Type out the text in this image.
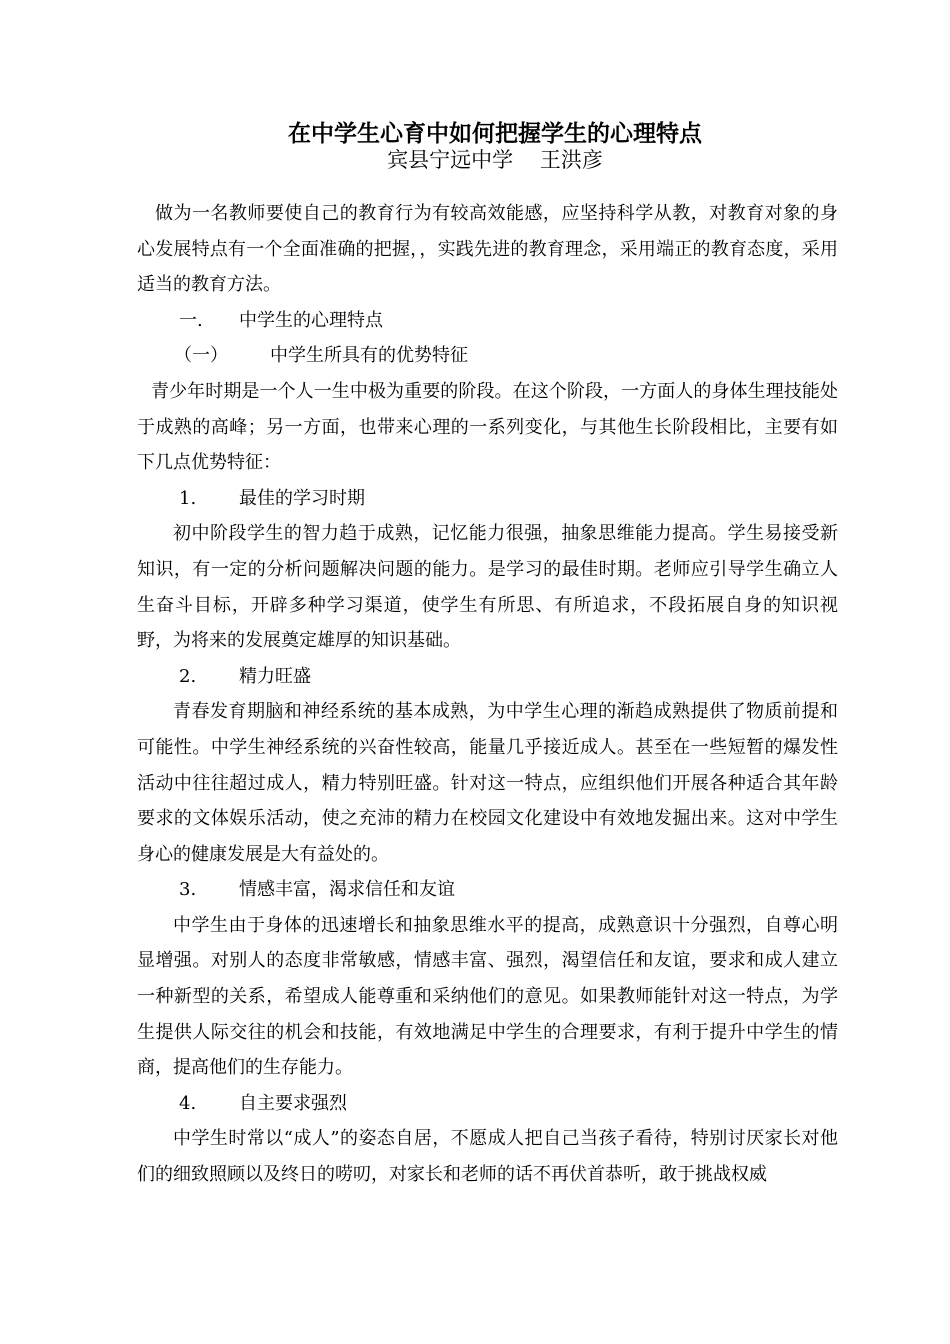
在中学生心育中如何把握学生的心理特点
宾县宁远中学    王洪彦

做为一名教师要使自己的教育行为有较高效能感，应坚持科学从教，对教育对象的身心发展特点有一个全面准确的把握，，实践先进的教育理念，采用端正的教育态度，采用适当的教育方法。

一. 中学生的心理特点

（一） 中学生所具有的优势特征

青少年时期是一个人一生中极为重要的阶段。在这个阶段，一方面人的身体生理技能处于成熟的高峰；另一方面，也带来心理的一系列变化，与其他生长阶段相比，主要有如下几点优势特征：

1. 最佳的学习时期

初中阶段学生的智力趋于成熟，记忆能力很强，抽象思维能力提高。学生易接受新知识，有一定的分析问题解决问题的能力。是学习的最佳时期。老师应引导学生确立人生奋斗目标，开辟多种学习渠道，使学生有所思、有所追求，不段拓展自身的知识视野，为将来的发展奠定雄厚的知识基础。

2. 精力旺盛

青春发育期脑和神经系统的基本成熟，为中学生心理的渐趋成熟提供了物质前提和可能性。中学生神经系统的兴奋性较高，能量几乎接近成人。甚至在一些短暂的爆发性活动中往往超过成人，精力特别旺盛。针对这一特点，应组织他们开展各种适合其年龄要求的文体娱乐活动，使之充沛的精力在校园文化建设中有效地发掘出来。这对中学生身心的健康发展是大有益处的。

3. 情感丰富，渴求信任和友谊

中学生由于身体的迅速增长和抽象思维水平的提高，成熟意识十分强烈，自尊心明显增强。对别人的态度非常敏感，情感丰富、强烈，渴望信任和友谊，要求和成人建立一种新型的关系，希望成人能尊重和采纳他们的意见。如果教师能针对这一特点，为学生提供人际交往的机会和技能，有效地满足中学生的合理要求，有利于提升中学生的情商，提高他们的生存能力。

4. 自主要求强烈

中学生时常以“成人”的姿态自居，不愿成人把自己当孩子看待，特别讨厌家长对他们的细致照顾以及终日的唠叨，对家长和老师的话不再伏首恭听，敢于挑战权威
